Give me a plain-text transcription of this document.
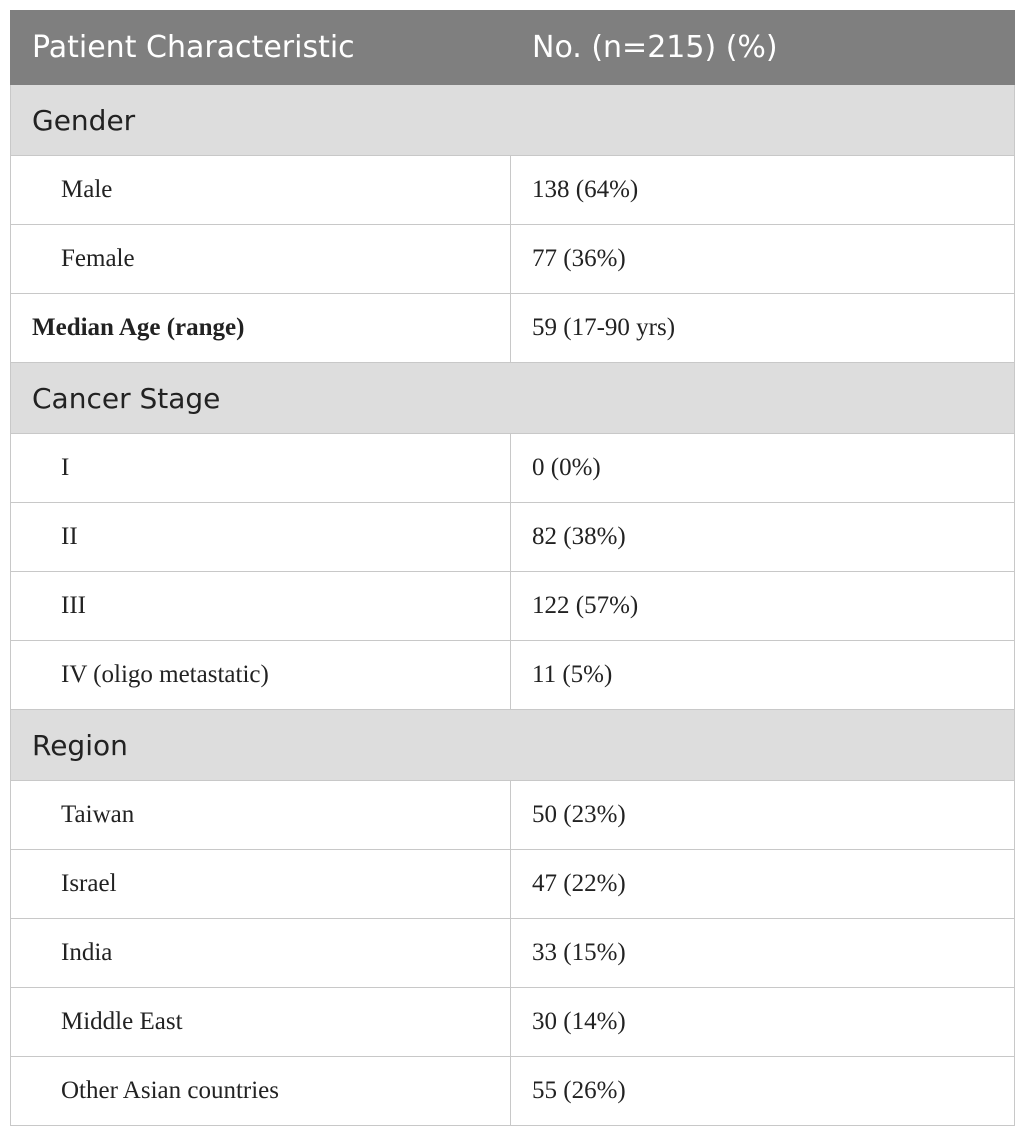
Patient Characteristic	No. (n=215) (%)
Gender	
Male	138 (64%)
Female	77 (36%)
Median Age (range)	59 (17-90 yrs)
Cancer Stage	
I	0 (0%)
II	82 (38%)
III	122 (57%)
IV (oligo metastatic)	11 (5%)
Region	
Taiwan	50 (23%)
Israel	47 (22%)
India	33 (15%)
Middle East	30 (14%)
Other Asian countries	55 (26%)
